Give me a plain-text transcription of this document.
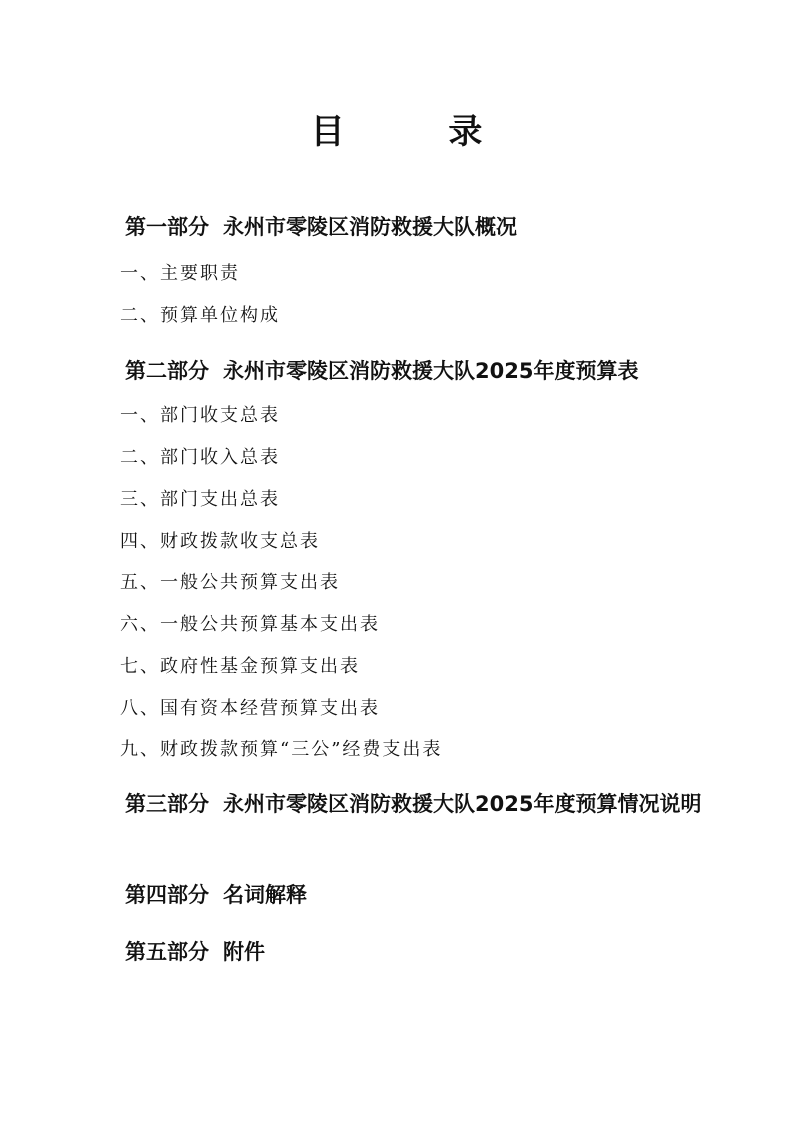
目 录

第一部分 永州市零陵区消防救援大队概况

一、主要职责

二、预算单位构成

第二部分 永州市零陵区消防救援大队2025年度预算表

一、部门收支总表

二、部门收入总表

三、部门支出总表

四、财政拨款收支总表

五、一般公共预算支出表

六、一般公共预算基本支出表

七、政府性基金预算支出表

八、国有资本经营预算支出表

九、财政拨款预算“三公”经费支出表

第三部分 永州市零陵区消防救援大队2025年度预算情况说明

第四部分 名词解释

第五部分 附件
